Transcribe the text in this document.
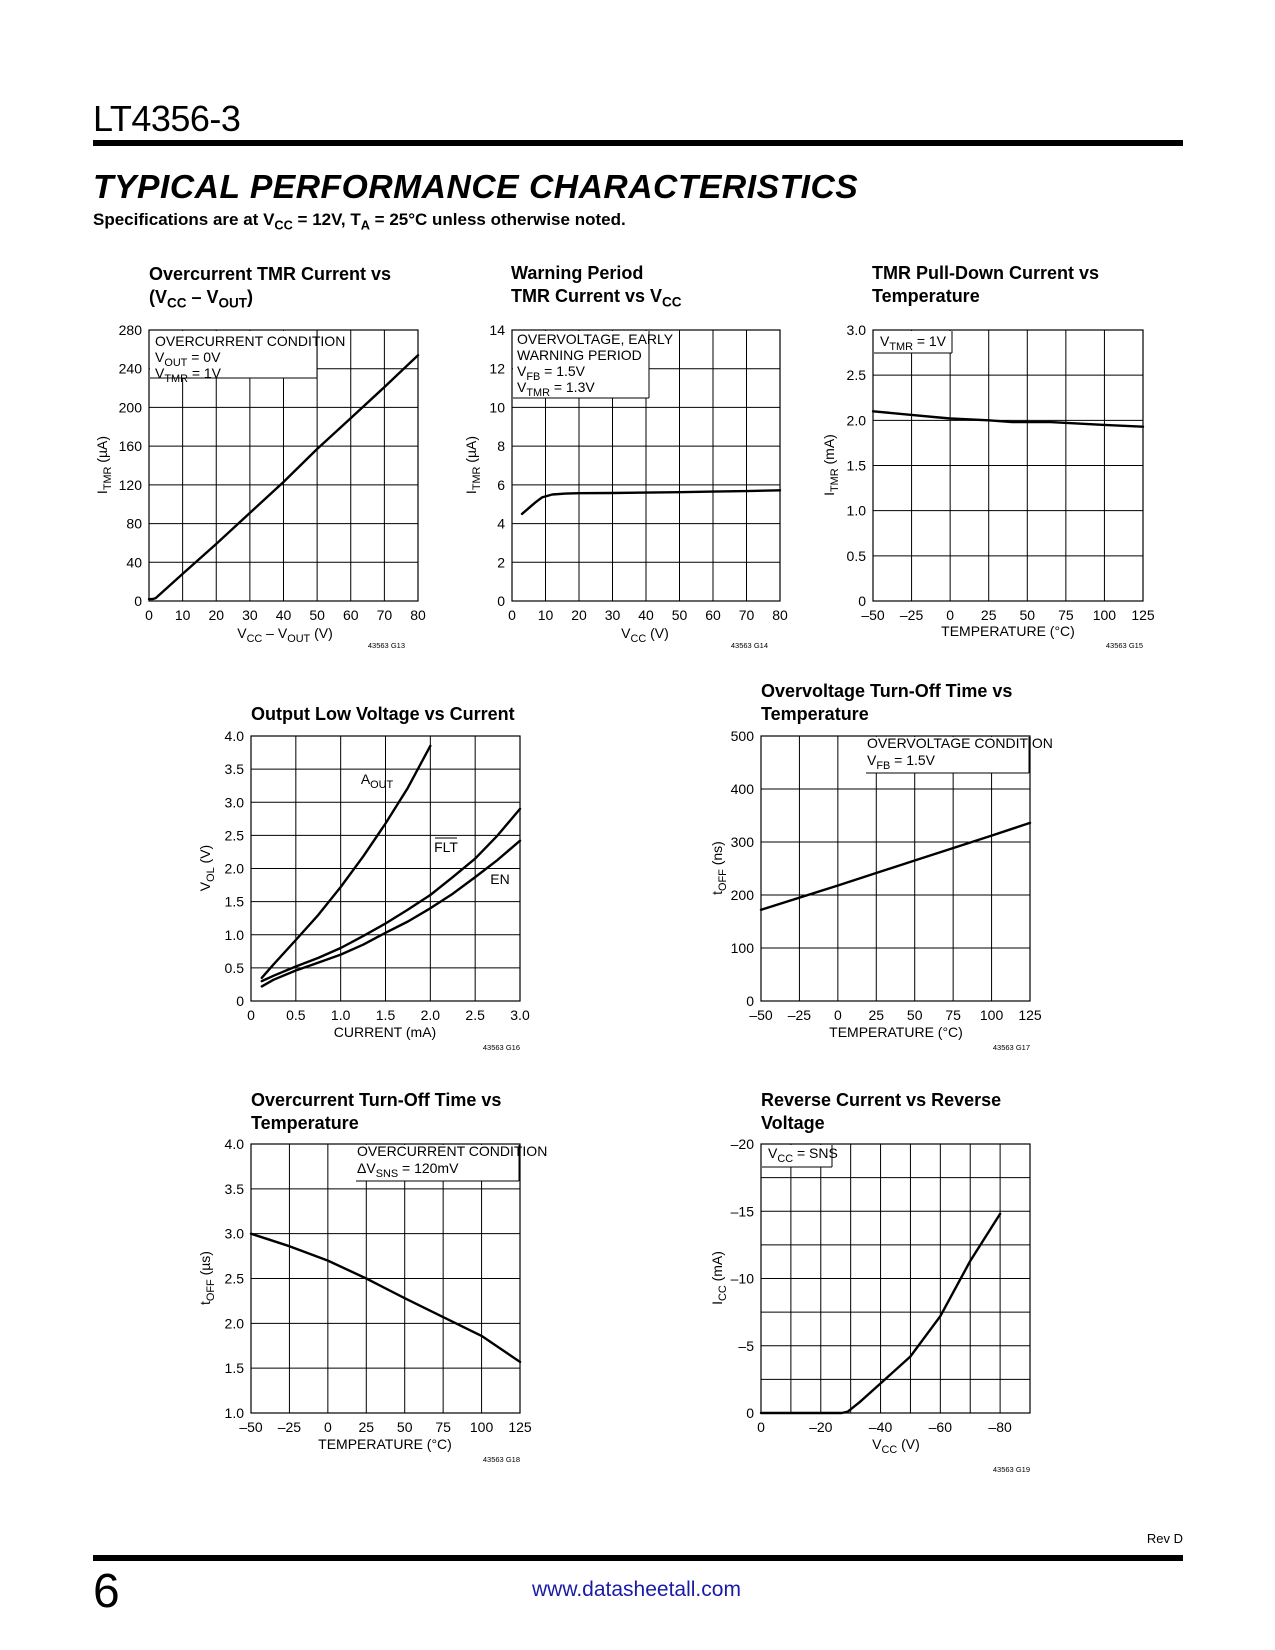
LT4356-3
TYPICAL PERFORMANCE CHARACTERISTICS
Specifications are at $V_{CC} = 12V$, $T_A = 25^\circ C$ unless otherwise noted.
Overcurrent TMR Current vs
$(V_{CC} - V_{OUT})$
Warning Period
TMR Current vs $V_{CC}$
TMR Pull-Down Current vs
Temperature
Output Low Voltage vs Current
Overvoltage Turn-Off Time vs
Temperature
Overcurrent Turn-Off Time vs
Temperature
Reverse Current vs Reverse
Voltage
0 10 20 30 40 50 60 70 80
0
40
80
120
160
200
240
280
$V_{CC} - V_{OUT}$ (V)
$I_{TMR}$ (µA)
OVERCURRENT CONDITION
$V_{OUT} = 0V$
$V_{TMR} = 1V$
43563 G13
0 10 20 30 40 50 60 70 80
0
2
4
6
8
10
12
14
$V_{CC}$ (V)
$I_{TMR}$ (µA)
OVERVOLTAGE, EARLY
WARNING PERIOD
$V_{FB} = 1.5V$
$V_{TMR} = 1.3V$
43563 G14
–50 –25 0 25 50 75 100 125
0
0.5
1.0
1.5
2.0
2.5
3.0
TEMPERATURE (°C)
$I_{TMR}$ (mA)
$V_{TMR} = 1V$
43563 G15
0 0.5 1.0 1.5 2.0 2.5 3.0
0
0.5
1.0
1.5
2.0
2.5
3.0
3.5
4.0
CURRENT (mA)
$V_{OL}$ (V)
43563 G16
$A_{OUT}$
FLT
EN
–50 –25 0 25 50 75 100 125
0
100
200
300
400
500
TEMPERATURE (°C)
$t_{OFF}$ (ns)
OVERVOLTAGE CONDITION
$V_{FB} = 1.5V$
43563 G17
–50 –25 0 25 50 75 100 125
1.0
1.5
2.0
2.5
3.0
3.5
4.0
TEMPERATURE (°C)
$t_{OFF}$ (µs)
OVERCURRENT CONDITION
$\Delta V_{SNS} = 120mV$
43563 G18
0	–20	–40	–60	–80
0
–5
–10
–15
–20
$V_{CC}$ (V)
$I_{CC}$ (mA)
$V_{CC}$ = SNS
43563 G19
Rev D
6	www.datasheetall.com
